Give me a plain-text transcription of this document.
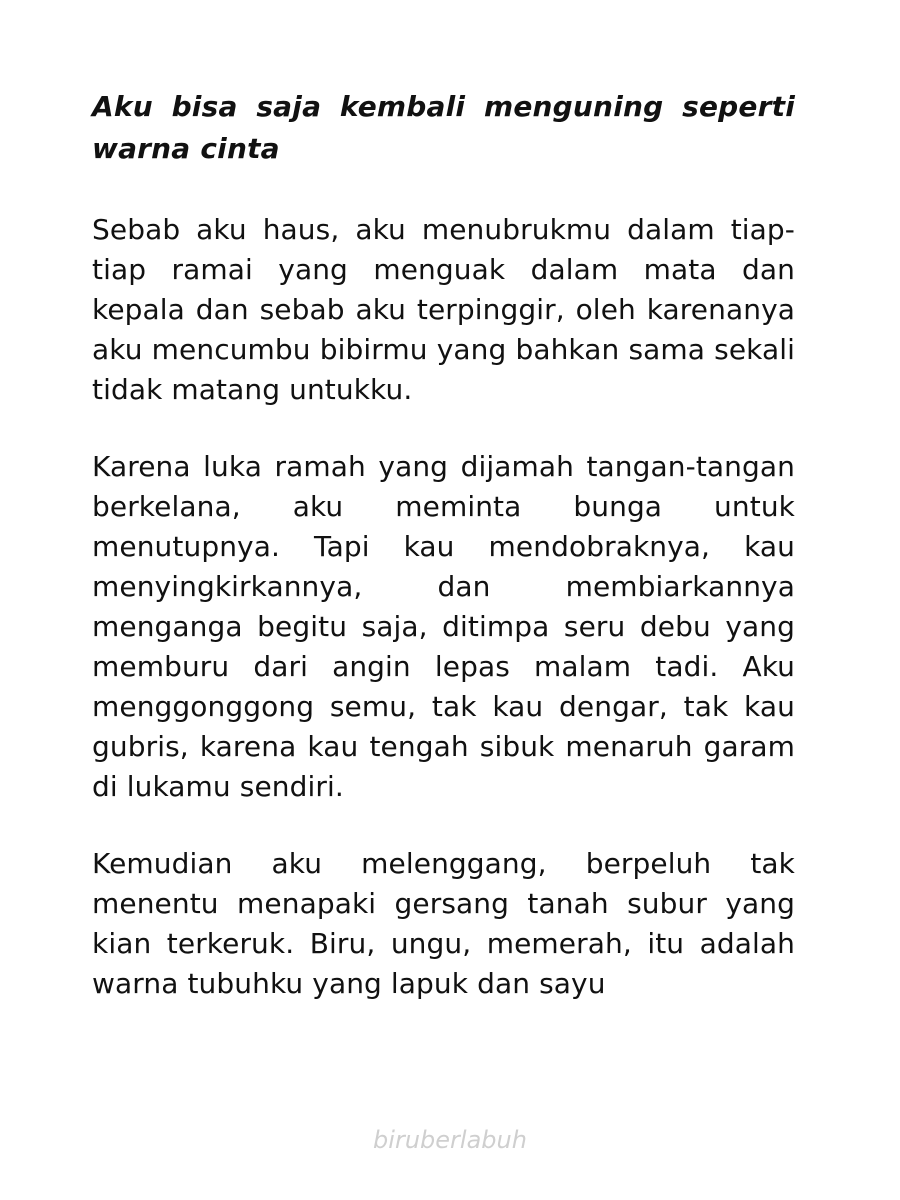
Aku bisa saja kembali menguning seperti warna cinta

Sebab aku haus, aku menubrukmu dalam tiap-tiap ramai yang menguak dalam mata dan kepala dan sebab aku terpinggir, oleh karenanya aku mencumbu bibirmu yang bahkan sama sekali tidak matang untukku.

Karena luka ramah yang dijamah tangan-tangan berkelana, aku meminta bunga untuk menutupnya. Tapi kau mendobraknya, kau menyingkirkannya, dan membiarkannya menganga begitu saja, ditimpa seru debu yang memburu dari angin lepas malam tadi. Aku menggonggong semu, tak kau dengar, tak kau gubris, karena kau tengah sibuk menaruh garam di lukamu sendiri.

Kemudian aku melenggang, berpeluh tak menentu menapaki gersang tanah subur yang kian terkeruk. Biru, ungu, memerah, itu adalah warna tubuhku yang lapuk dan sayu

biruberlabuh
